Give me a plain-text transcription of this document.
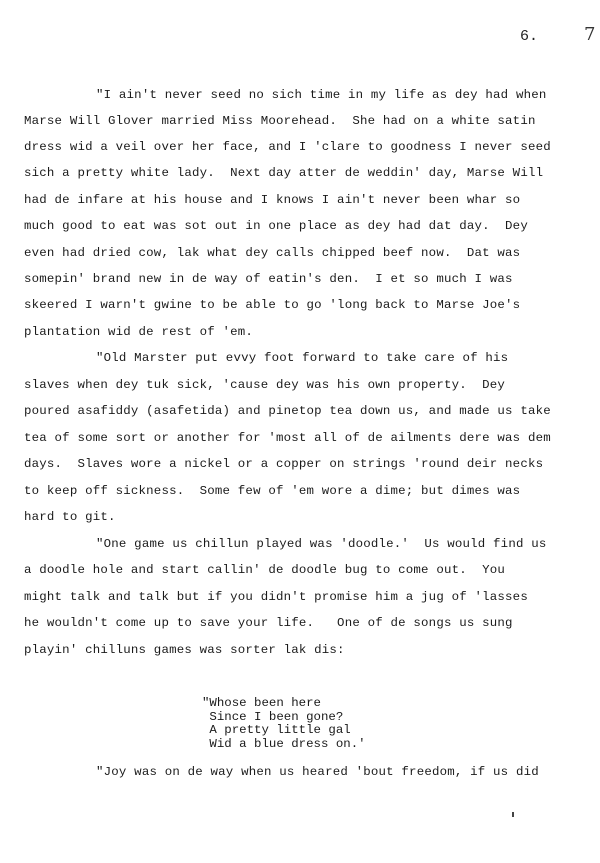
6.	7
"I ain't never seed no sich time in my life as dey had when
Marse Will Glover married Miss Moorehead.  She had on a white satin
dress wid a veil over her face, and I 'clare to goodness I never seed
sich a pretty white lady.  Next day atter de weddin' day, Marse Will
had de infare at his house and I knows I ain't never been whar so
much good to eat was sot out in one place as dey had dat day.  Dey
even had dried cow, lak what dey calls chipped beef now.  Dat was
somepin' brand new in de way of eatin's den.  I et so much I was
skeered I warn't gwine to be able to go 'long back to Marse Joe's
plantation wid de rest of 'em.
"Old Marster put evvy foot forward to take care of his
slaves when dey tuk sick, 'cause dey was his own property.  Dey
poured asafiddy (asafetida) and pinetop tea down us, and made us take
tea of some sort or another for 'most all of de ailments dere was dem
days.  Slaves wore a nickel or a copper on strings 'round deir necks
to keep off sickness.  Some few of 'em wore a dime; but dimes was
hard to git.
"One game us chillun played was 'doodle.'  Us would find us
a doodle hole and start callin' de doodle bug to come out.  You
might talk and talk but if you didn't promise him a jug of 'lasses
he wouldn't come up to save your life.   One of de songs us sung
playin' chilluns games was sorter lak dis:
"Whose been here
Since I been gone?
A pretty little gal
Wid a blue dress on.'
"Joy was on de way when us heared 'bout freedom, if us did
